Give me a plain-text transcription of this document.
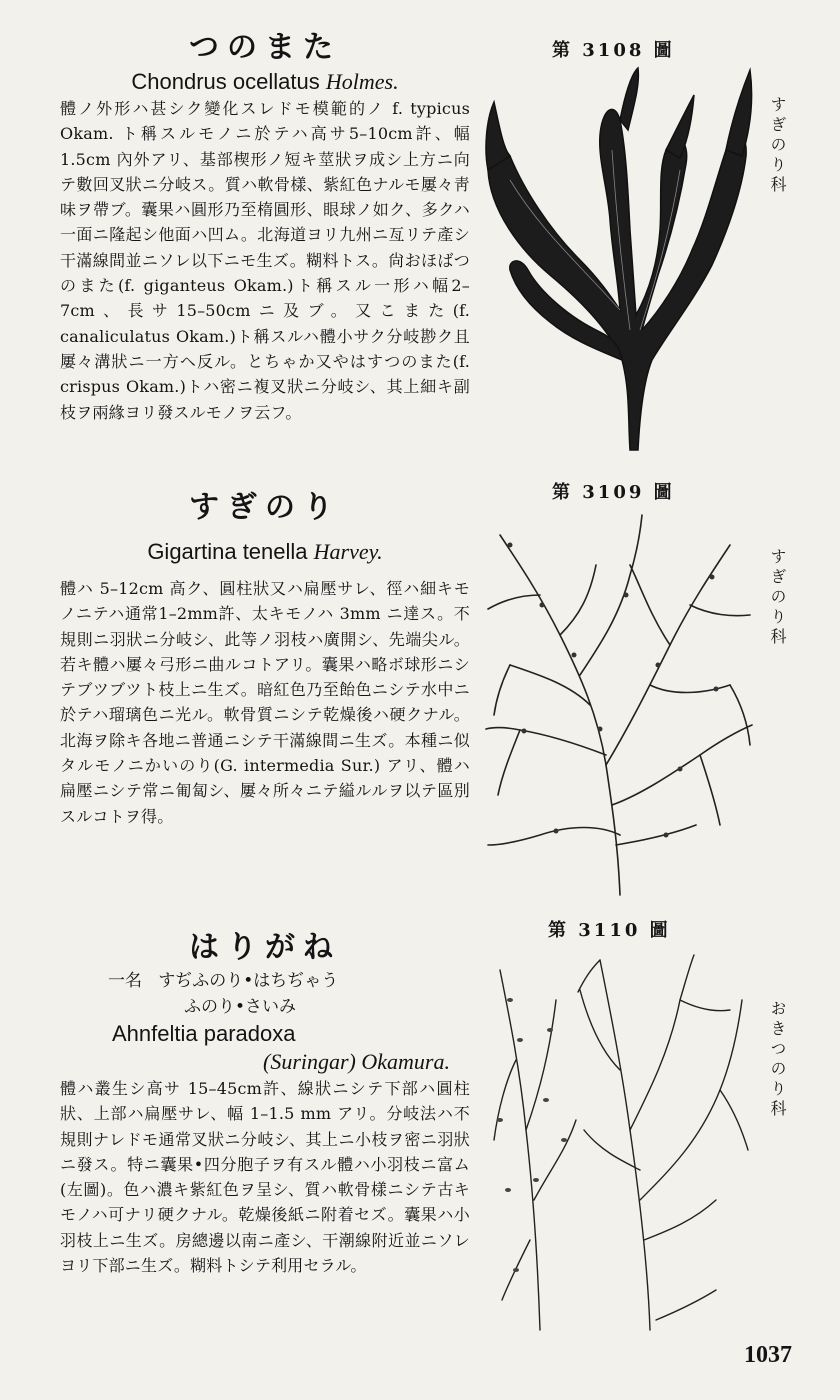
つのまた

Chondrus ocellatus Holmes.

體ノ外形ハ甚シク變化スレドモ模範的ノ f. typicus Okam. ト稱スルモノニ於テハ高サ5–10cm許、幅 1.5cm 內外アリ、基部楔形ノ短キ莖狀ヲ成シ上方ニ向テ數回叉狀ニ分岐ス。質ハ軟骨樣、紫紅色ナルモ屢々靑味ヲ帶ブ。囊果ハ圓形乃至楕圓形、眼球ノ如ク、多クハ一面ニ隆起シ他面ハ凹ム。北海道ヨリ九州ニ亙リテ產シ干滿線間並ニソレ以下ニモ生ズ。糊料トス。尙おほばつのまた(f. giganteus Okam.)ト稱スル一形ハ幅2–7cm、長サ15–50cmニ及ブ。又こまた(f. canaliculatus Okam.)ト稱スルハ體小サク分岐尠ク且屢々溝狀ニ一方ヘ反ル。とちゃか又やはすつのまた(f. crispus Okam.)トハ密ニ複叉狀ニ分岐シ、其上細キ副枝ヲ兩緣ヨリ發スルモノヲ云フ。

第 3108 圖
すぎのり科
すぎのり

Gigartina tenella Harvey.

體ハ 5–12cm 高ク、圓柱狀又ハ扁壓サレ、徑ハ細キモノニテハ通常1–2mm許、太キモノハ 3mm ニ達ス。不規則ニ羽狀ニ分岐シ、此等ノ羽枝ハ廣開シ、先端尖ル。若キ體ハ屢々弓形ニ曲ルコトアリ。囊果ハ略ボ球形ニシテブツブツト枝上ニ生ズ。暗紅色乃至飴色ニシテ水中ニ於テハ瑠璃色ニ光ル。軟骨質ニシテ乾燥後ハ硬クナル。北海ヲ除キ各地ニ普通ニシテ干滿線間ニ生ズ。本種ニ似タルモノニかいのり(G. intermedia Sur.) アリ、體ハ扁壓ニシテ常ニ匍匐シ、屢々所々ニテ縊ルルヲ以テ區別スルコトヲ得。

第 3109 圖
すぎのり科
はりがね

一名 すぢふのり•はちぢゃう
ふのり•さいみ

Ahnfeltia paradoxa

(Suringar) Okamura.

體ハ叢生シ高サ 15–45cm許、線狀ニシテ下部ハ圓柱狀、上部ハ扁壓サレ、幅 1–1.5 mm アリ。分岐法ハ不規則ナレドモ通常叉狀ニ分岐シ、其上ニ小枝ヲ密ニ羽狀ニ發ス。特ニ囊果•四分胞子ヲ有スル體ハ小羽枝ニ富ム(左圖)。色ハ濃キ紫紅色ヲ呈シ、質ハ軟骨樣ニシテ古キモノハ可ナリ硬クナル。乾燥後紙ニ附着セズ。囊果ハ小羽枝上ニ生ズ。房總邊以南ニ產シ、干潮線附近並ニソレヨリ下部ニ生ズ。糊料トシテ利用セラル。

第 3110 圖
おきつのり科
1037
